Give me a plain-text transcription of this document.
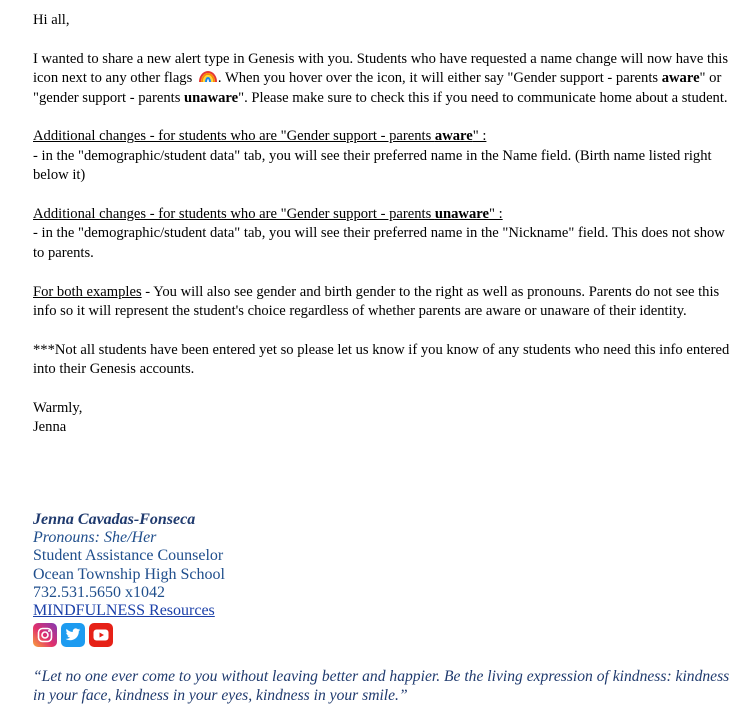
Hi all,

I wanted to share a new alert type in Genesis with you. Students who have requested a name change will now have this icon next to any other flags . When you hover over the icon, it will either say "Gender support - parents aware" or "gender support - parents unaware". Please make sure to check this if you need to communicate home about a student.

Additional changes - for students who are "Gender support - parents aware" :

- in the "demographic/student data" tab, you will see their preferred name in the Name field. (Birth name listed right below it)

Additional changes - for students who are "Gender support - parents unaware" :

- in the "demographic/student data" tab, you will see their preferred name in the "Nickname" field. This does not show to parents.

For both examples - You will also see gender and birth gender to the right as well as pronouns. Parents do not see this info so it will represent the student's choice regardless of whether parents are aware or unaware of their identity.

***Not all students have been entered yet so please let us know if you know of any students who need this info entered into their Genesis accounts.

Warmly,

Jenna

Jenna Cavadas-Fonseca
Pronouns: She/Her
Student Assistance Counselor
Ocean Township High School
732.531.5650 x1042
MINDFULNESS Resources
“Let no one ever come to you without leaving better and happier. Be the living expression of kindness: kindness in your face, kindness in your eyes, kindness in your smile.”
